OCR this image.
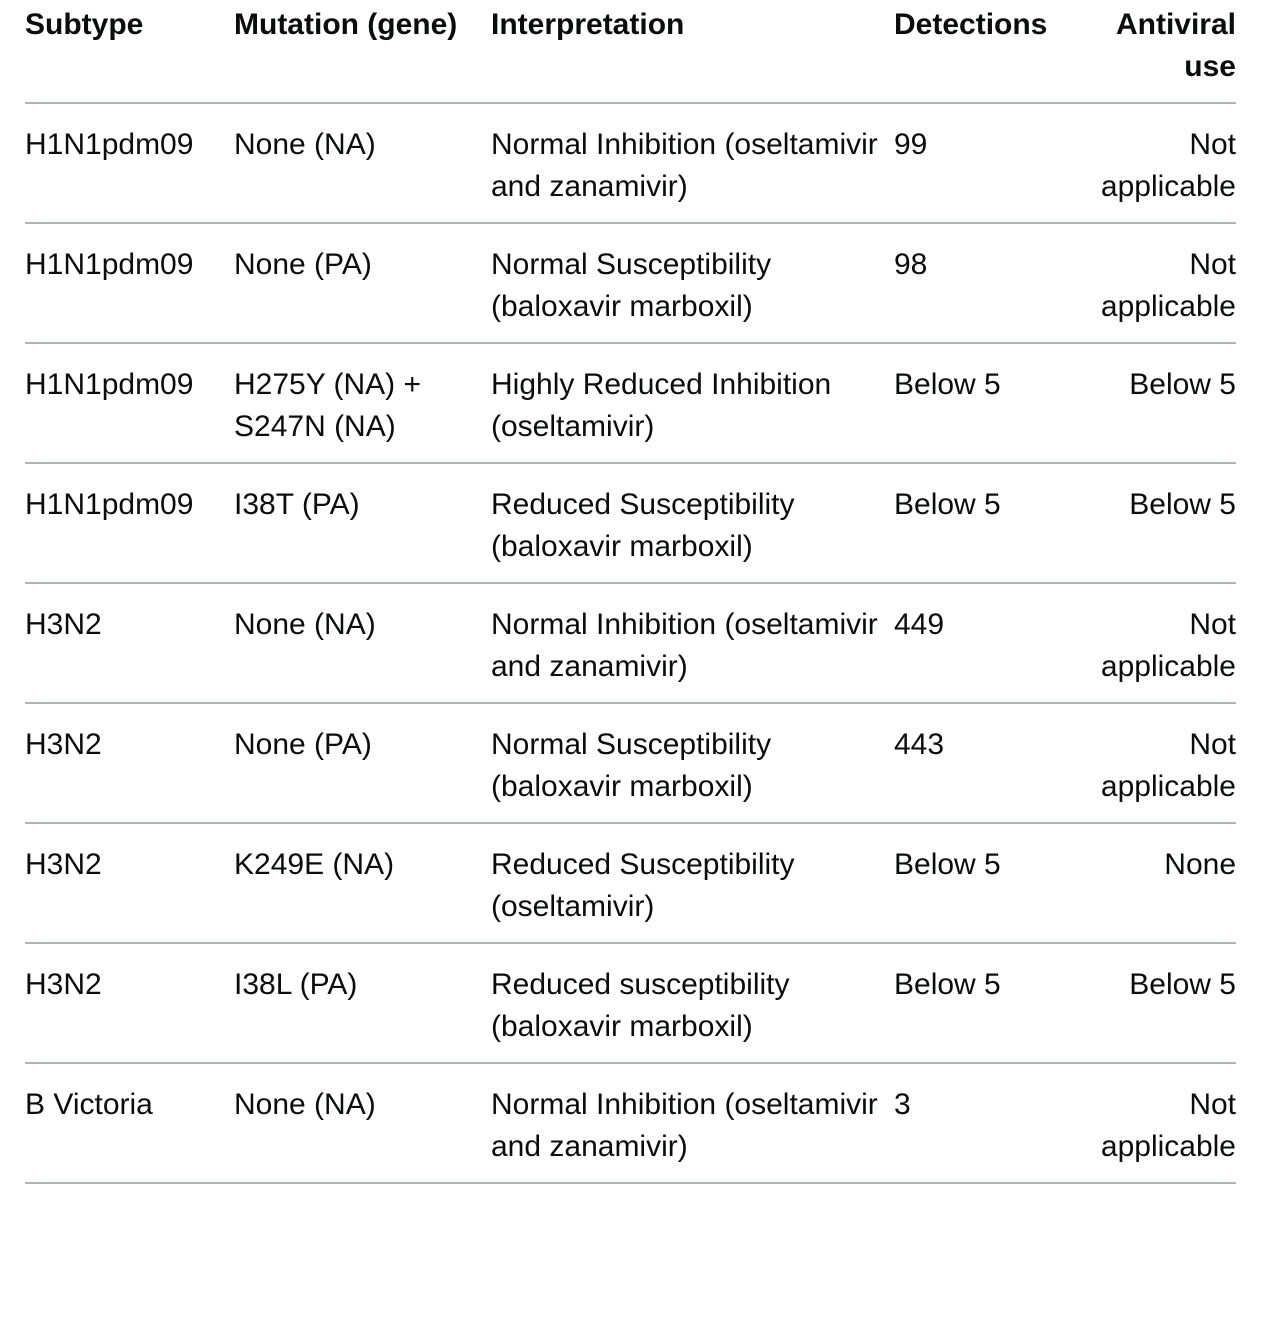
Subtype	Mutation (gene)	Interpretation	Detections	Antiviral use
H1N1pdm09	None (NA)	Normal Inhibition (oseltamivir and zanamivir)	99	Not applicable
H1N1pdm09	None (PA)	Normal Susceptibility (baloxavir marboxil)	98	Not applicable
H1N1pdm09	H275Y (NA) + S247N (NA)	Highly Reduced Inhibition (oseltamivir)	Below 5	Below 5
H1N1pdm09	I38T (PA)	Reduced Susceptibility (baloxavir marboxil)	Below 5	Below 5
H3N2	None (NA)	Normal Inhibition (oseltamivir and zanamivir)	449	Not applicable
H3N2	None (PA)	Normal Susceptibility (baloxavir marboxil)	443	Not applicable
H3N2	K249E (NA)	Reduced Susceptibility (oseltamivir)	Below 5	None
H3N2	I38L (PA)	Reduced susceptibility (baloxavir marboxil)	Below 5	Below 5
B Victoria	None (NA)	Normal Inhibition (oseltamivir and zanamivir)	3	Not applicable
